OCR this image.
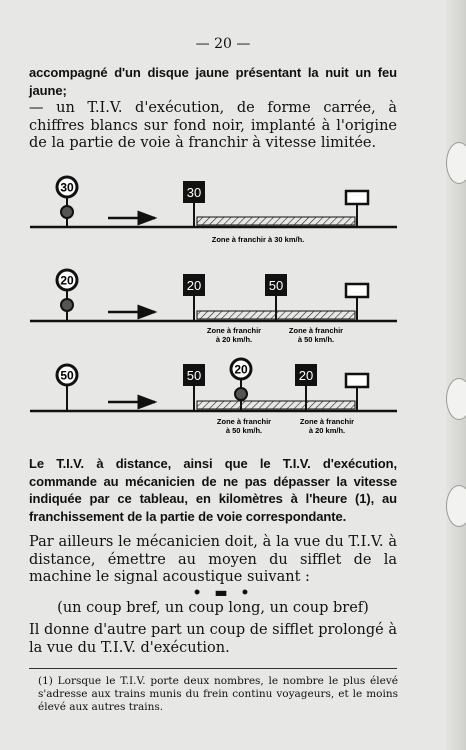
— 20 —

accompagné d'un disque jaune présentant la nuit un feu jaune;

— un T.I.V. d'exécution, de forme carrée, à chiffres blancs sur fond noir, implanté à l'origine de la partie de voie à franchir à vitesse limitée.

30	30
Zone à franchir à 30 km/h.
20	20	50
Zone à franchir
à 20 km/h.
Zone à franchir
à 50 km/h.
50	50	20	20
Zone à franchir
à 50 km/h.
Zone à franchir
à 20 km/h.

Le T.I.V. à distance, ainsi que le T.I.V. d'exécution, commande au mécanicien de ne pas dépasser la vitesse indiquée par ce tableau, en kilomètres à l'heure (1), au franchissement de la partie de voie correspondante.

Par ailleurs le mécanicien doit, à la vue du T.I.V. à distance, émettre au moyen du sifflet de la machine le signal acoustique suivant :

• ▬ •

(un coup bref, un coup long, un coup bref)

Il donne d'autre part un coup de sifflet prolongé à la vue du T.I.V. d'exécution.

(1) Lorsque le T.I.V. porte deux nombres, le nombre le plus élevé s'adresse aux trains munis du frein continu voyageurs, et le moins élevé aux autres trains.
